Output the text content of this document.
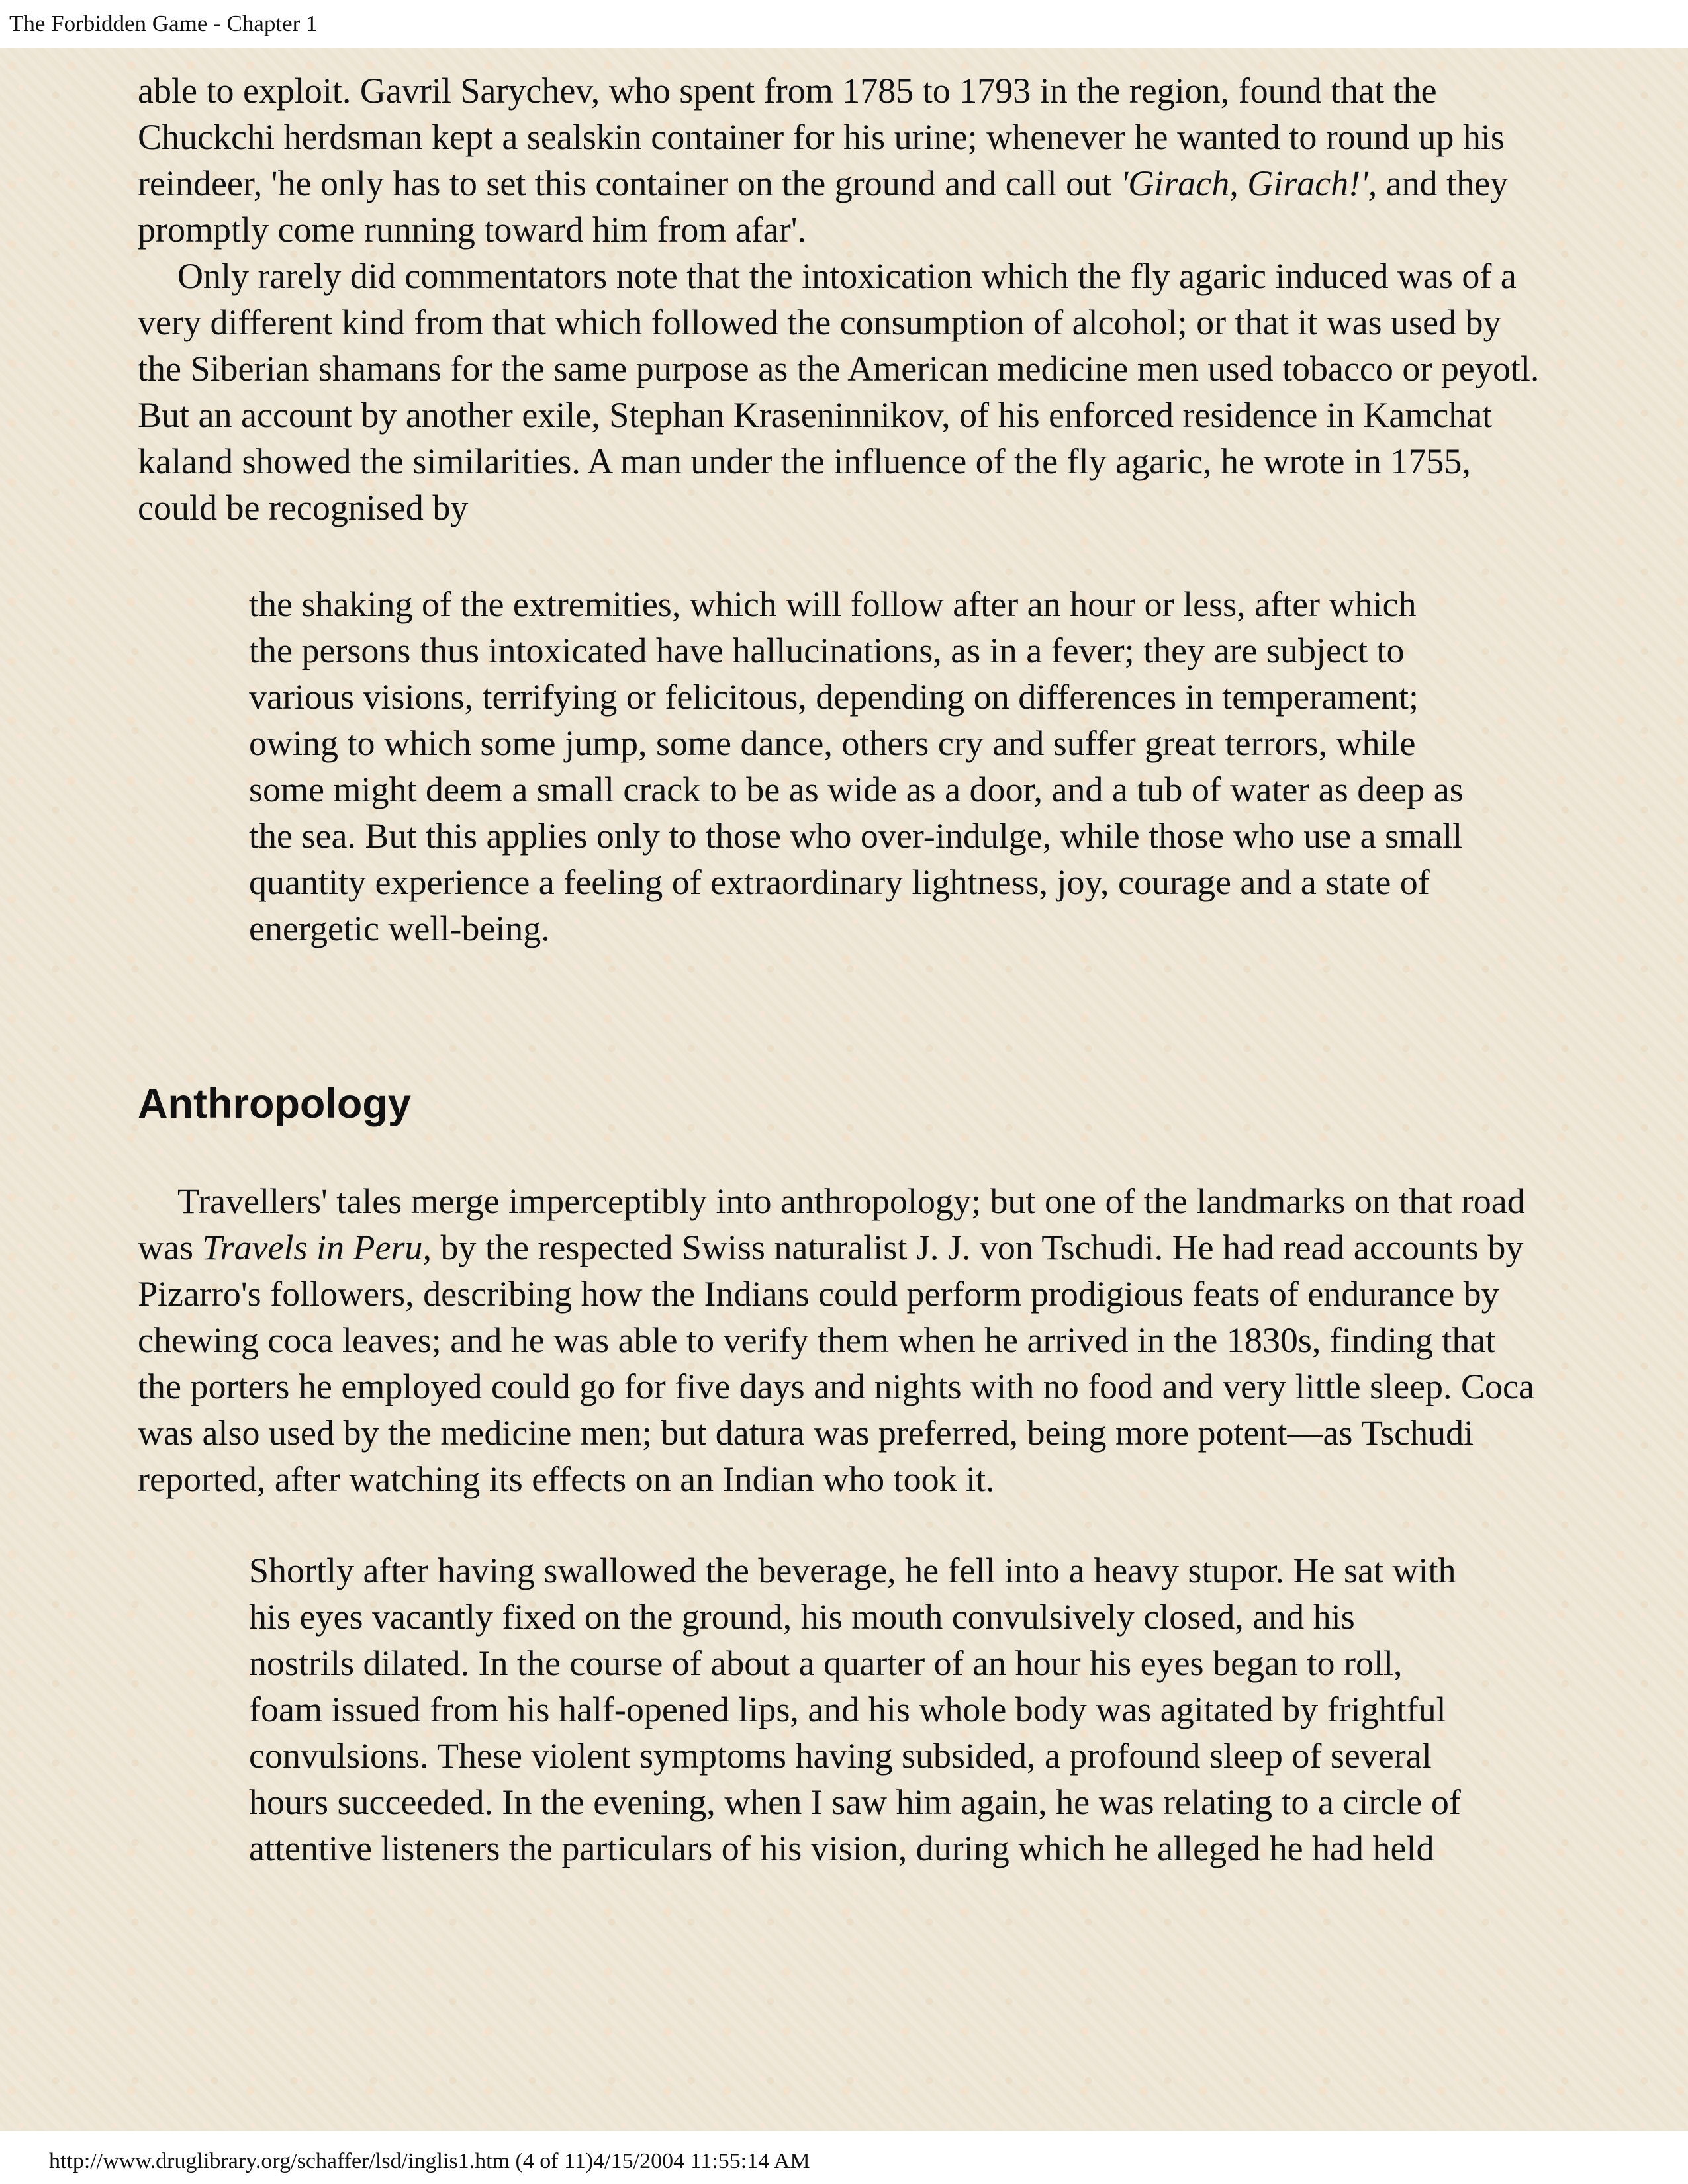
The Forbidden Game - Chapter 1

able to exploit. Gavril Sarychev, who spent from 1785 to 1793 in the region, found that the Chuckchi herdsman kept a sealskin container for his urine; whenever he wanted to round up his reindeer, 'he only has to set this container on the ground and call out 'Girach, Girach!', and they promptly come running toward him from afar'.

Only rarely did commentators note that the intoxication which the fly agaric induced was of a very different kind from that which followed the consumption of alcohol; or that it was used by the Siberian shamans for the same purpose as the American medicine men used tobacco or peyotl. But an account by another exile, Stephan Kraseninnikov, of his enforced residence in Kamchat kaland showed the similarities. A man under the influence of the fly agaric, he wrote in 1755, could be recognised by

the shaking of the extremities, which will follow after an hour or less, after which the persons thus intoxicated have hallucinations, as in a fever; they are subject to various visions, terrifying or felicitous, depending on differences in temperament; owing to which some jump, some dance, others cry and suffer great terrors, while some might deem a small crack to be as wide as a door, and a tub of water as deep as the sea. But this applies only to those who over-indulge, while those who use a small quantity experience a feeling of extraordinary lightness, joy, courage and a state of energetic well-being.

Anthropology

Travellers' tales merge imperceptibly into anthropology; but one of the landmarks on that road was Travels in Peru, by the respected Swiss naturalist J. J. von Tschudi. He had read accounts by Pizarro's followers, describing how the Indians could perform prodigious feats of endurance by chewing coca leaves; and he was able to verify them when he arrived in the 1830s, finding that the porters he employed could go for five days and nights with no food and very little sleep. Coca was also used by the medicine men; but datura was preferred, being more potent—as Tschudi reported, after watching its effects on an Indian who took it.

Shortly after having swallowed the beverage, he fell into a heavy stupor. He sat with his eyes vacantly fixed on the ground, his mouth convulsively closed, and his nostrils dilated. In the course of about a quarter of an hour his eyes began to roll, foam issued from his half-opened lips, and his whole body was agitated by frightful convulsions. These violent symptoms having subsided, a profound sleep of several hours succeeded. In the evening, when I saw him again, he was relating to a circle of attentive listeners the particulars of his vision, during which he alleged he had held

http://www.druglibrary.org/schaffer/lsd/inglis1.htm (4 of 11)4/15/2004 11:55:14 AM
